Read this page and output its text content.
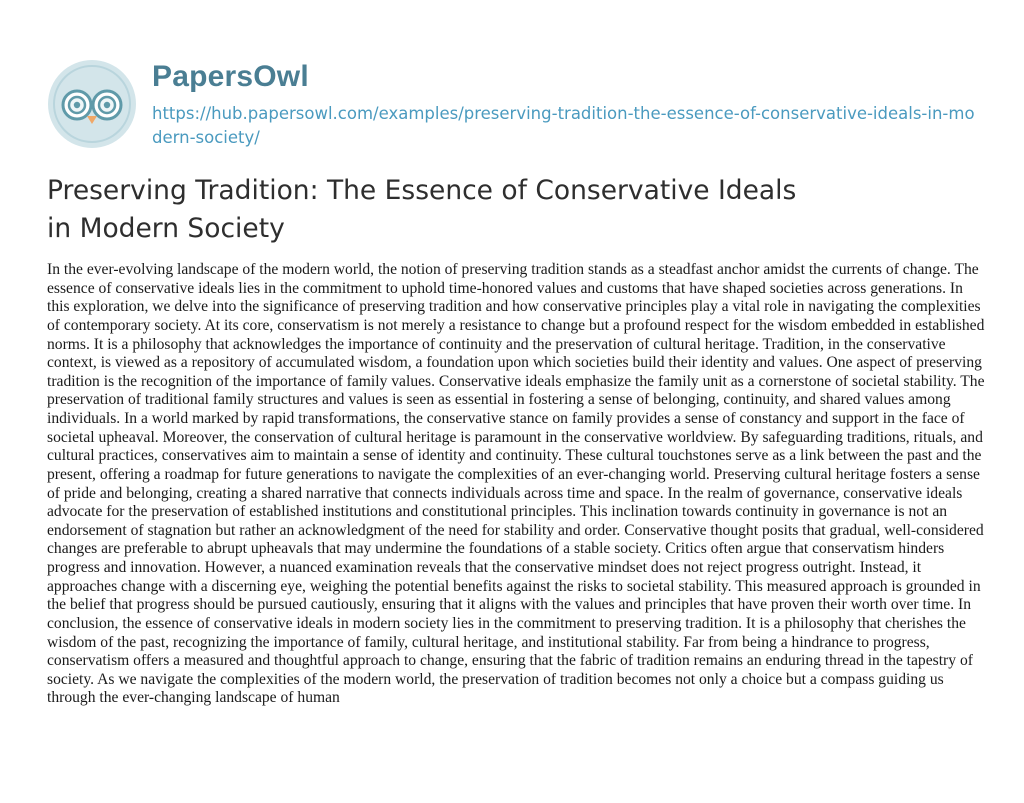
PapersOwl
https://hub.papersowl.com/examples/preserving-tradition-the-essence-of-conservative-ideals-in-modern-society/
Preserving Tradition: The Essence of Conservative Ideals in Modern Society

In the ever-evolving landscape of the modern world, the notion of preserving tradition stands as a steadfast anchor amidst the currents of change. The essence of conservative ideals lies in the commitment to uphold time-honored values and customs that have shaped societies across generations. In this exploration, we delve into the significance of preserving tradition and how conservative principles play a vital role in navigating the complexities of contemporary society. At its core, conservatism is not merely a resistance to change but a profound respect for the wisdom embedded in established norms. It is a philosophy that acknowledges the importance of continuity and the preservation of cultural heritage. Tradition, in the conservative context, is viewed as a repository of accumulated wisdom, a foundation upon which societies build their identity and values. One aspect of preserving tradition is the recognition of the importance of family values. Conservative ideals emphasize the family unit as a cornerstone of societal stability. The preservation of traditional family structures and values is seen as essential in fostering a sense of belonging, continuity, and shared values among individuals. In a world marked by rapid transformations, the conservative stance on family provides a sense of constancy and support in the face of societal upheaval. Moreover, the conservation of cultural heritage is paramount in the conservative worldview. By safeguarding traditions, rituals, and cultural practices, conservatives aim to maintain a sense of identity and continuity. These cultural touchstones serve as a link between the past and the present, offering a roadmap for future generations to navigate the complexities of an ever-changing world. Preserving cultural heritage fosters a sense of pride and belonging, creating a shared narrative that connects individuals across time and space. In the realm of governance, conservative ideals advocate for the preservation of established institutions and constitutional principles. This inclination towards continuity in governance is not an endorsement of stagnation but rather an acknowledgment of the need for stability and order. Conservative thought posits that gradual, well-considered changes are preferable to abrupt upheavals that may undermine the foundations of a stable society. Critics often argue that conservatism hinders progress and innovation. However, a nuanced examination reveals that the conservative mindset does not reject progress outright. Instead, it approaches change with a discerning eye, weighing the potential benefits against the risks to societal stability. This measured approach is grounded in the belief that progress should be pursued cautiously, ensuring that it aligns with the values and principles that have proven their worth over time. In conclusion, the essence of conservative ideals in modern society lies in the commitment to preserving tradition. It is a philosophy that cherishes the wisdom of the past, recognizing the importance of family, cultural heritage, and institutional stability. Far from being a hindrance to progress, conservatism offers a measured and thoughtful approach to change, ensuring that the fabric of tradition remains an enduring thread in the tapestry of society. As we navigate the complexities of the modern world, the preservation of tradition becomes not only a choice but a compass guiding us through the ever-changing landscape of human
